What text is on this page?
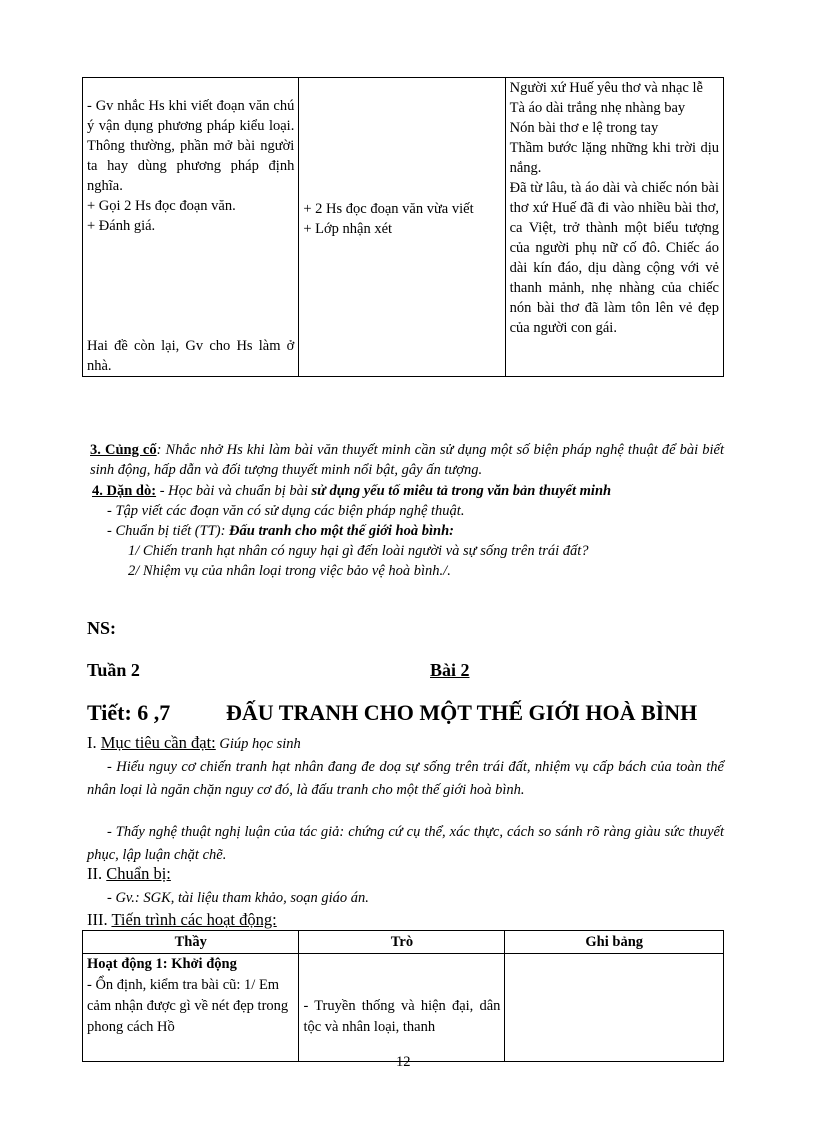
- Gv nhắc Hs khi viết đoạn văn chú ý vận dụng phương pháp kiểu loại. Thông thường, phần mở bài người ta hay dùng phương pháp định nghĩa.
+ Gọi 2 Hs đọc đoạn văn.
+ Đánh giá.
Hai đề còn lại, Gv cho Hs làm ở nhà.

+ 2 Hs đọc đoạn văn vừa viết
+ Lớp nhận xét

Người xứ Huế yêu thơ và nhạc lễ
Tà áo dài trắng nhẹ nhàng bay
Nón bài thơ e lệ trong tay
Thầm bước lặng những khi trời dịu nắng.
Đã từ lâu, tà áo dài và chiếc nón bài thơ xứ Huế đã đi vào nhiều bài thơ, ca Việt, trở thành một biểu tượng của người phụ nữ cố đô. Chiếc áo dài kín đáo, dịu dàng cộng với vẻ thanh mảnh, nhẹ nhàng của chiếc nón bài thơ đã làm tôn lên vẻ đẹp của người con gái.
3. Củng cố: Nhắc nhở Hs khi làm bài văn thuyết minh cần sử dụng một số biện pháp nghệ thuật để bài biết sinh động, hấp dẫn và đối tượng thuyết minh nổi bật, gây ấn tượng.
4. Dặn dò: - Học bài và chuẩn bị bài sử dụng yếu tố miêu tả trong văn bản thuyết minh
- Tập viết các đoạn văn có sử dụng các biện pháp nghệ thuật.
- Chuẩn bị tiết (TT): Đấu tranh cho một thế giới hoà bình:
1/ Chiến tranh hạt nhân có nguy hại gì đến loài người và sự sống trên trái đất?
2/ Nhiệm vụ của nhân loại trong việc bảo vệ hoà bình./.
NS:
Tuần 2	Bài 2
Tiết: 6 ,7	ĐẤU TRANH CHO MỘT THẾ GIỚI HOÀ BÌNH
I. Mục tiêu cần đạt: Giúp học sinh
- Hiểu nguy cơ chiến tranh hạt nhân đang đe doạ sự sống trên trái đất, nhiệm vụ cấp bách của toàn thể nhân loại là ngăn chặn nguy cơ đó, là đấu tranh cho một thế giới hoà bình.
- Thấy nghệ thuật nghị luận của tác giả: chứng cứ cụ thể, xác thực, cách so sánh rõ ràng giàu sức thuyết phục, lập luận chặt chẽ.
II. Chuẩn bị:
- Gv.: SGK, tài liệu tham khảo, soạn giáo án.
III. Tiến trình các hoạt động:
Thầy	Trò	Ghi bảng

Hoạt động 1: Khởi động
- Ổn định, kiểm tra bài cũ: 1/ Em cảm nhận được gì về nét đẹp trong phong cách Hồ	- Truyền thống và hiện đại, dân tộc và nhân loại, thanh	

12
